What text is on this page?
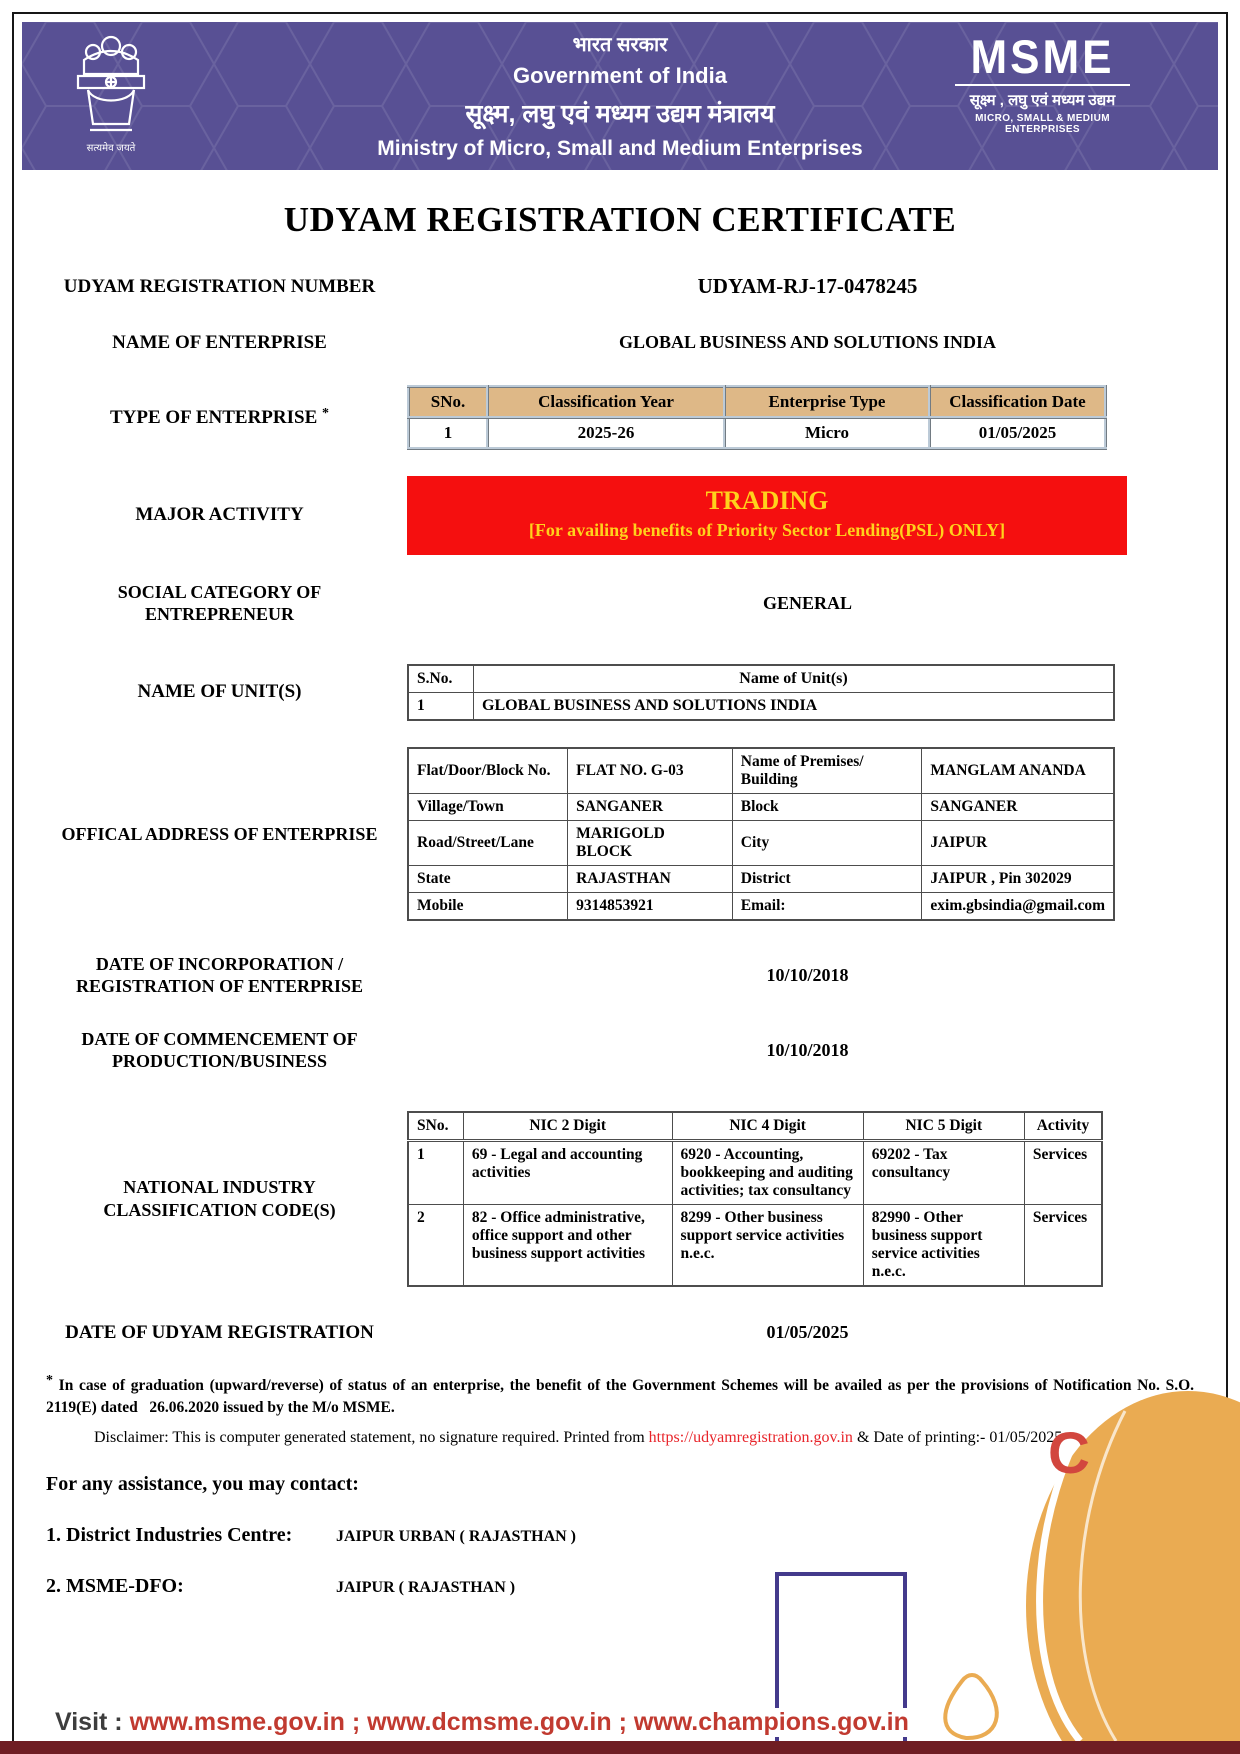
सत्यमेव जयते
भारत सरकार
Government of India
सूक्ष्म, लघु एवं मध्यम उद्यम मंत्रालय
Ministry of Micro, Small and Medium Enterprises
MSME
सूक्ष्म , लघु एवं मध्यम उद्यम
MICRO, SMALL & MEDIUM ENTERPRISES
UDYAM REGISTRATION CERTIFICATE
UDYAM REGISTRATION NUMBER	UDYAM-RJ-17-0478245
NAME OF ENTERPRISE	GLOBAL BUSINESS AND SOLUTIONS INDIA
TYPE OF ENTERPRISE *
SNo.	Classification Year	Enterprise Type	Classification Date
1	2025-26	Micro	01/05/2025
MAJOR ACTIVITY
TRADING
[For availing benefits of Priority Sector Lending(PSL) ONLY]
SOCIAL CATEGORY OF
ENTREPRENEUR
GENERAL
NAME OF UNIT(S)
S.No.	Name of Unit(s)
1	GLOBAL BUSINESS AND SOLUTIONS INDIA
OFFICAL ADDRESS OF ENTERPRISE
Flat/Door/Block No.	FLAT NO. G-03	Name of Premises/ Building	MANGLAM ANANDA
Village/Town	SANGANER	Block	SANGANER
Road/Street/Lane	MARIGOLD BLOCK	City	JAIPUR
State	RAJASTHAN	District	JAIPUR , Pin 302029
Mobile	9314853921	Email:	exim.gbsindia@gmail.com
DATE OF INCORPORATION /
REGISTRATION OF ENTERPRISE
10/10/2018
DATE OF COMMENCEMENT OF
PRODUCTION/BUSINESS
10/10/2018
NATIONAL INDUSTRY
CLASSIFICATION CODE(S)
SNo.	NIC 2 Digit	NIC 4 Digit	NIC 5 Digit	Activity
1	69 - Legal and accounting activities	6920 - Accounting, bookkeeping and auditing activities; tax consultancy	69202 - Tax consultancy	Services
2	82 - Office administrative, office support and other business support activities	8299 - Other business support service activities n.e.c.	82990 - Other business support service activities n.e.c.	Services
DATE OF UDYAM REGISTRATION	01/05/2025
* In case of graduation (upward/reverse) of status of an enterprise, the benefit of the Government Schemes will be availed as per the provisions of Notification No. S.O. 2119(E) dated   26.06.2020 issued by the M/o MSME.
Disclaimer: This is computer generated statement, no signature required. Printed from https://udyamregistration.gov.in & Date of printing:- 01/05/2025
For any assistance, you may contact:
1. District Industries Centre:	JAIPUR URBAN ( RAJASTHAN )
2. MSME-DFO:	JAIPUR ( RAJASTHAN )
C
Visit : www.msme.gov.in ; www.dcmsme.gov.in ; www.champions.gov.in
